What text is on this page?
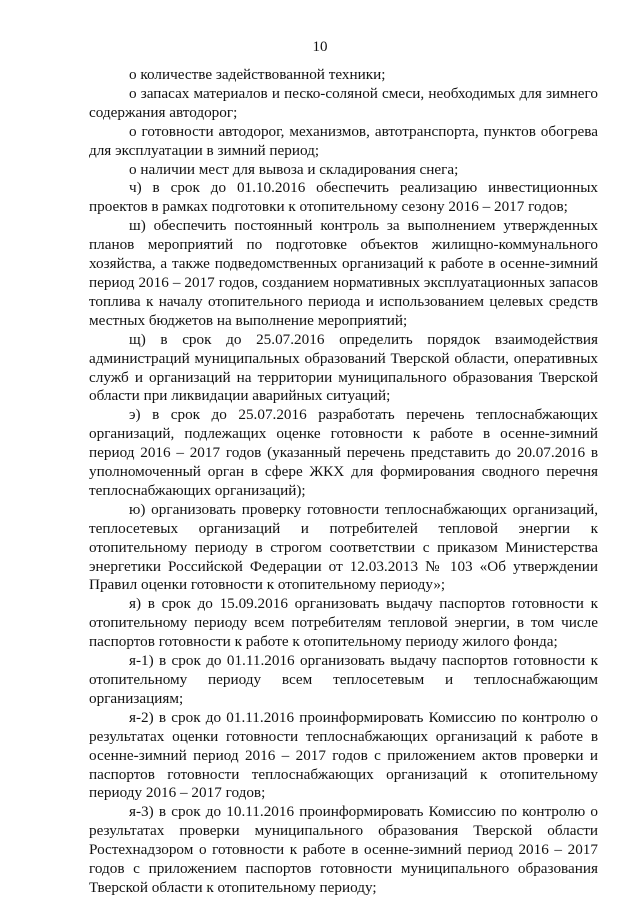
10

о количестве задействованной техники;

о запасах материалов и песко-соляной смеси, необходимых для зимнего содержания автодорог;

о готовности автодорог, механизмов, автотранспорта, пунктов обогрева для эксплуатации в зимний период;

о наличии мест для вывоза и складирования снега;

ч) в срок до 01.10.2016 обеспечить реализацию инвестиционных проектов в рамках подготовки к отопительному сезону 2016 – 2017 годов;

ш) обеспечить постоянный контроль за выполнением утвержденных планов мероприятий по подготовке объектов жилищно-коммунального хозяйства, а также подведомственных организаций к работе в осенне-зимний период 2016 – 2017 годов, созданием нормативных эксплуатационных запасов топлива к началу отопительного периода и использованием целевых средств местных бюджетов на выполнение мероприятий;

щ) в срок до 25.07.2016 определить порядок взаимодействия администраций муниципальных образований Тверской области, оперативных служб и организаций на территории муниципального образования Тверской области при ликвидации аварийных ситуаций;

э) в срок до 25.07.2016 разработать перечень теплоснабжающих организаций, подлежащих оценке готовности к работе в осенне-зимний период 2016 – 2017 годов (указанный перечень представить до 20.07.2016 в уполномоченный орган в сфере ЖКХ для формирования сводного перечня теплоснабжающих организаций);

ю) организовать проверку готовности теплоснабжающих организаций, теплосетевых организаций и потребителей тепловой энергии к отопительному периоду в строгом соответствии с приказом Министерства энергетики Российской Федерации от 12.03.2013 № 103 «Об утверждении Правил оценки готовности к отопительному периоду»;

я) в срок до 15.09.2016 организовать выдачу паспортов готовности к отопительному периоду всем потребителям тепловой энергии, в том числе паспортов готовности к работе к отопительному периоду жилого фонда;

я-1) в срок до 01.11.2016 организовать выдачу паспортов готовности к отопительному периоду всем теплосетевым и теплоснабжающим организациям;

я-2) в срок до 01.11.2016 проинформировать Комиссию по контролю о результатах оценки готовности теплоснабжающих организаций к работе в осенне-зимний период 2016 – 2017 годов с приложением актов проверки и паспортов готовности теплоснабжающих организаций к отопительному периоду 2016 – 2017 годов;

я-3) в срок до 10.11.2016 проинформировать Комиссию по контролю о результатах проверки муниципального образования Тверской области Ростехнадзором о готовности к работе в осенне-зимний период 2016 – 2017 годов с приложением паспортов готовности муниципального образования Тверской области к отопительному периоду;
